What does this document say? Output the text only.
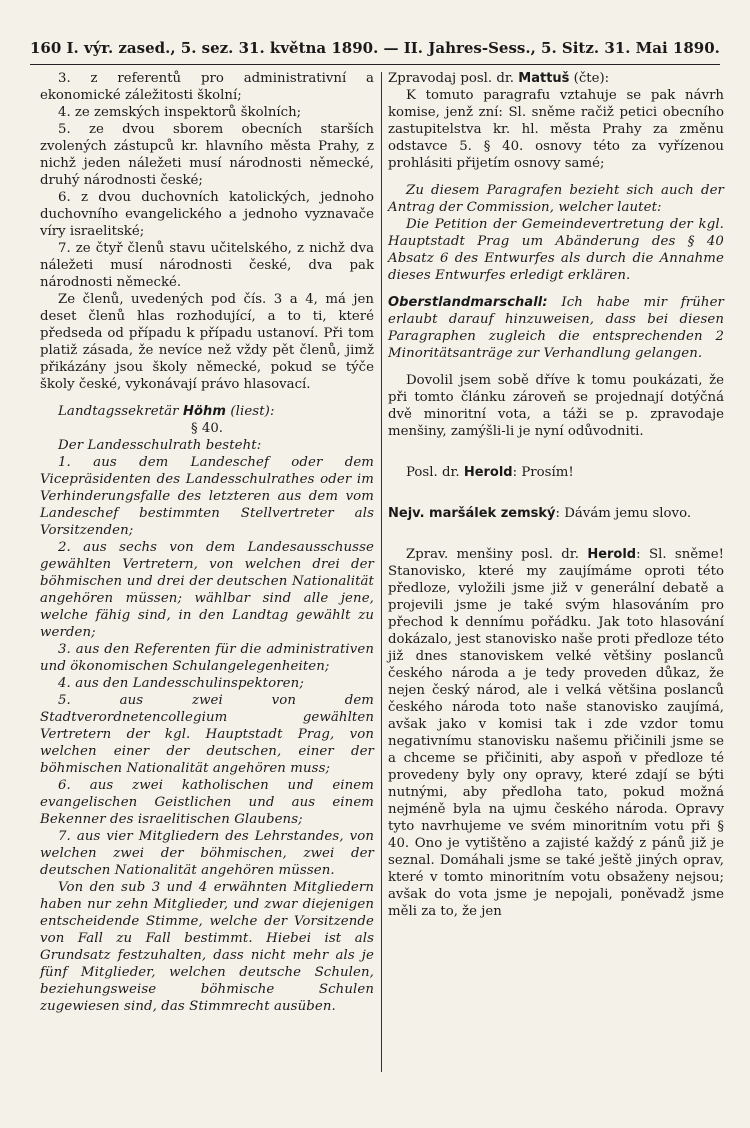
160 I. výr. zased., 5. sez. 31. května 1890. — II. Jahres-Sess., 5. Sitz. 31. Mai 1890.

3. z referentů pro administrativní a ekonomické záležitosti školní;

4. ze zemských inspektorů školních;

5. ze dvou sborem obecních starších zvolených zástupců kr. hlavního města Prahy, z nichž jeden náležeti musí národnosti německé, druhý národnosti české;

6. z dvou duchovních katolických, jednoho duchovního evangelického a jednoho vyznavače víry israelitské;

7. ze čtyř členů stavu učitelského, z nichž dva náležeti musí národnosti české, dva pak národnosti německé.

Ze členů, uvedených pod čís. 3 a 4, má jen deset členů hlas rozhodující, a to ti, které předseda od případu k případu ustanoví. Při tom platiž zásada, že nevíce než vždy pět členů, jimž přikázány jsou školy německé, pokud se týče školy české, vykonávají právo hlasovací.

Landtagssekretär Höhm (liest):

§ 40.

Der Landesschulrath besteht:

1. aus dem Landeschef oder dem Vicepräsidenten des Landesschulrathes oder im Verhinderungsfalle des letzteren aus dem vom Landeschef bestimmten Stellvertreter als Vorsitzenden;

2. aus sechs von dem Landesausschusse gewählten Vertretern, von welchen drei der böhmischen und drei der deutschen Nationalität angehören müssen; wählbar sind alle jene, welche fähig sind, in den Landtag gewählt zu werden;

3. aus den Referenten für die administrativen und ökonomischen Schulangelegenheiten;

4. aus den Landesschulinspektoren;

5. aus zwei von dem Stadtverordnetencollegium gewählten Vertretern der kgl. Hauptstadt Prag, von welchen einer der deutschen, einer der böhmischen Nationalität angehören muss;

6. aus zwei katholischen und einem evangelischen Geistlichen und aus einem Bekenner des israelitischen Glaubens;

7. aus vier Mitgliedern des Lehrstandes, von welchen zwei der böhmischen, zwei der deutschen Nationalität angehören müssen.

Von den sub 3 und 4 erwähnten Mitgliedern haben nur zehn Mitglieder, und zwar diejenigen entscheidende Stimme, welche der Vorsitzende von Fall zu Fall bestimmt. Hiebei ist als Grundsatz festzuhalten, dass nicht mehr als je fünf Mitglieder, welchen deutsche Schulen, beziehungsweise böhmische Schulen zugewiesen sind, das Stimmrecht ausüben.

Zpravodaj posl. dr. Mattuš (čte):

K tomuto paragrafu vztahuje se pak návrh komise, jenž zní: Sl. sněme račiž petici obecního zastupitelstva kr. hl. města Prahy za změnu odstavce 5. § 40. osnovy této za vyřízenou prohlásiti přijetím osnovy samé;

Zu diesem Paragrafen bezieht sich auch der Antrag der Commission, welcher lautet:

Die Petition der Gemeindevertretung der kgl. Hauptstadt Prag um Abänderung des § 40 Absatz 6 des Entwurfes als durch die Annahme dieses Entwurfes erledigt erklären.

Oberstlandmarschall: Ich habe mir früher erlaubt darauf hinzuweisen, dass bei diesen Paragraphen zugleich die entsprechenden 2 Minoritätsanträge zur Verhandlung gelangen.

Dovolil jsem sobě dříve k tomu poukázati, že při tomto článku zároveň se projednají dotýčná dvě minoritní vota, a táži se p. zpravodaje menšiny, zamýšli-li je nyní odůvodniti.

Posl. dr. Herold: Prosím!

Nejv. maršálek zemský: Dávám jemu slovo.

Zprav. menšiny posl. dr. Herold: Sl. sněme! Stanovisko, které my zaujímáme oproti této předloze, vyložili jsme již v generální debatě a projevili jsme je také svým hlasováním pro přechod k dennímu pořádku. Jak toto hlasování dokázalo, jest stanovisko naše proti předloze této již dnes stanoviskem velké většiny poslanců českého národa a je tedy proveden důkaz, že nejen český národ, ale i velká většina poslanců českého národa toto naše stanovisko zaujímá, avšak jako v komisi tak i zde vzdor tomu negativnímu stanovisku našemu přičinili jsme se a chceme se přičiniti, aby aspoň v předloze té provedeny byly ony opravy, které zdají se býti nutnými, aby předloha tato, pokud možná nejméně byla na ujmu českého národa. Opravy tyto navrhujeme ve svém minoritním votu při § 40. Ono je vytištěno a zajisté každý z pánů již je seznal. Domáhali jsme se také ještě jiných oprav, které v tomto minoritním votu obsaženy nejsou; avšak do vota jsme je nepojali, poněvadž jsme měli za to, že jen
